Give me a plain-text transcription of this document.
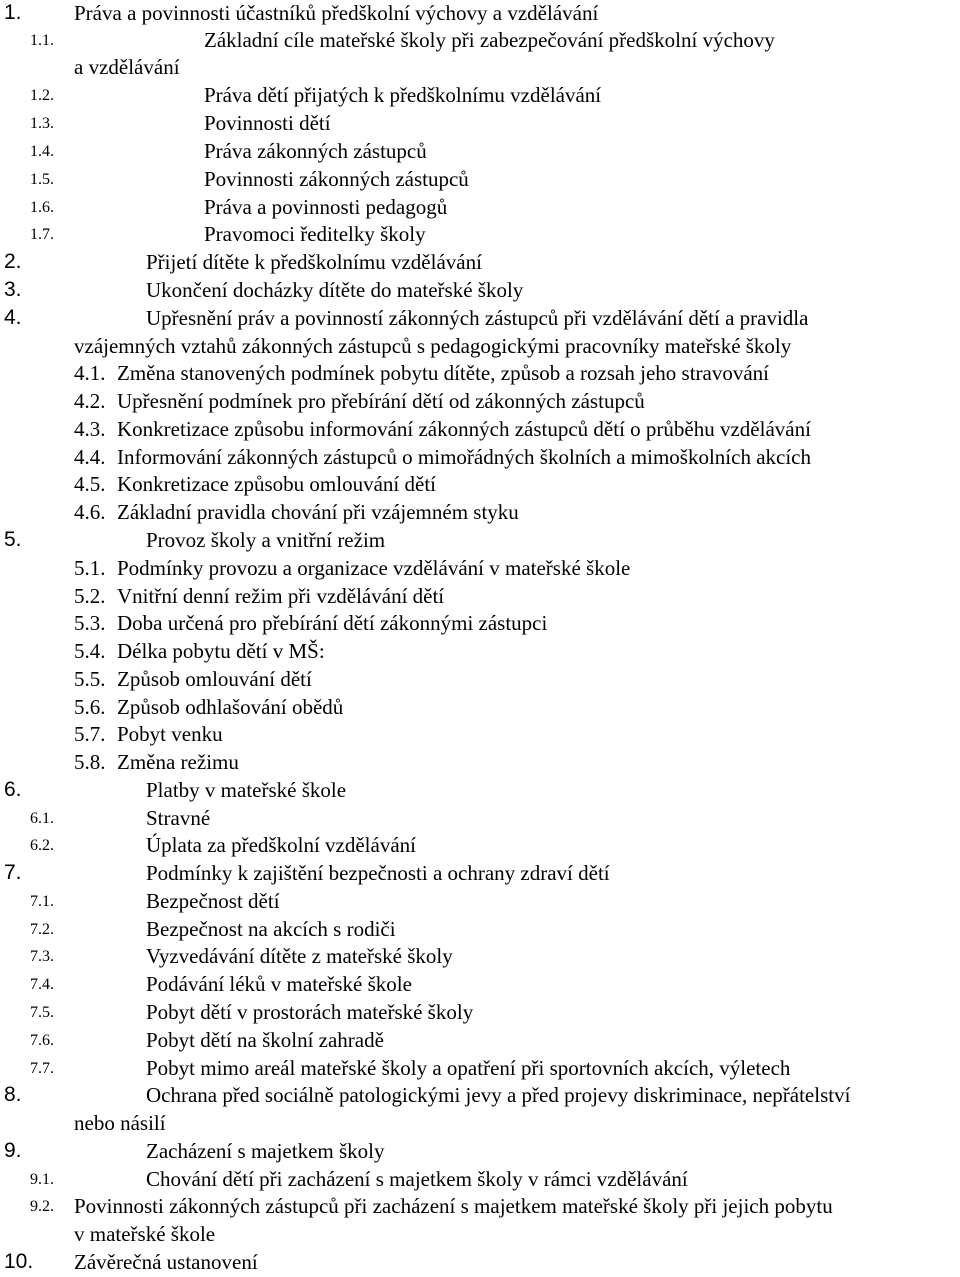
1. Práva a povinnosti účastníků předškolní výchovy a vzdělávání
1.1.	Základní cíle mateřské školy při zabezpečování předškolní výchovy
a vzdělávání
1.2.	Práva dětí přijatých k předškolnímu vzdělávání
1.3.	Povinnosti dětí
1.4.	Práva zákonných zástupců
1.5.	Povinnosti zákonných zástupců
1.6.	Práva a povinnosti pedagogů
1.7.	Pravomoci ředitelky školy
2.	Přijetí dítěte k předškolnímu vzdělávání
3.	Ukončení docházky dítěte do mateřské školy
4.	Upřesnění práv a povinností zákonných zástupců při vzdělávání dětí a pravidla
vzájemných vztahů zákonných zástupců s pedagogickými pracovníky mateřské školy
4.1. Změna stanovených podmínek pobytu dítěte, způsob a rozsah jeho stravování
4.2. Upřesnění podmínek pro přebírání dětí od zákonných zástupců
4.3. Konkretizace způsobu informování zákonných zástupců dětí o průběhu vzdělávání
4.4. Informování zákonných zástupců o mimořádných školních a mimoškolních akcích
4.5. Konkretizace způsobu omlouvání dětí
4.6. Základní pravidla chování při vzájemném styku
5.	Provoz školy a vnitřní režim
5.1. Podmínky provozu a organizace vzdělávání v mateřské škole
5.2. Vnitřní denní režim při vzdělávání dětí
5.3. Doba určená pro přebírání dětí zákonnými zástupci
5.4. Délka pobytu dětí v MŠ:
5.5. Způsob omlouvání dětí
5.6. Způsob odhlašování obědů
5.7. Pobyt venku
5.8. Změna režimu
6.	Platby v mateřské škole
6.1.	Stravné
6.2.	Úplata za předškolní vzdělávání
7.	Podmínky k zajištění bezpečnosti a ochrany zdraví dětí
7.1.	Bezpečnost dětí
7.2.	Bezpečnost na akcích s rodiči
7.3.	Vyzvedávání dítěte z mateřské školy
7.4.	Podávání léků v mateřské škole
7.5.	Pobyt dětí v prostorách mateřské školy
7.6.	Pobyt dětí na školní zahradě
7.7.	Pobyt mimo areál mateřské školy a opatření při sportovních akcích, výletech
8.	Ochrana před sociálně patologickými jevy a před projevy diskriminace, nepřátelství
nebo násilí
9.	Zacházení s majetkem školy
9.1.	Chování dětí při zacházení s majetkem školy v rámci vzdělávání
9.2. Povinnosti zákonných zástupců při zacházení s majetkem mateřské školy při jejich pobytu
v mateřské škole
10. Závěrečná ustanovení
